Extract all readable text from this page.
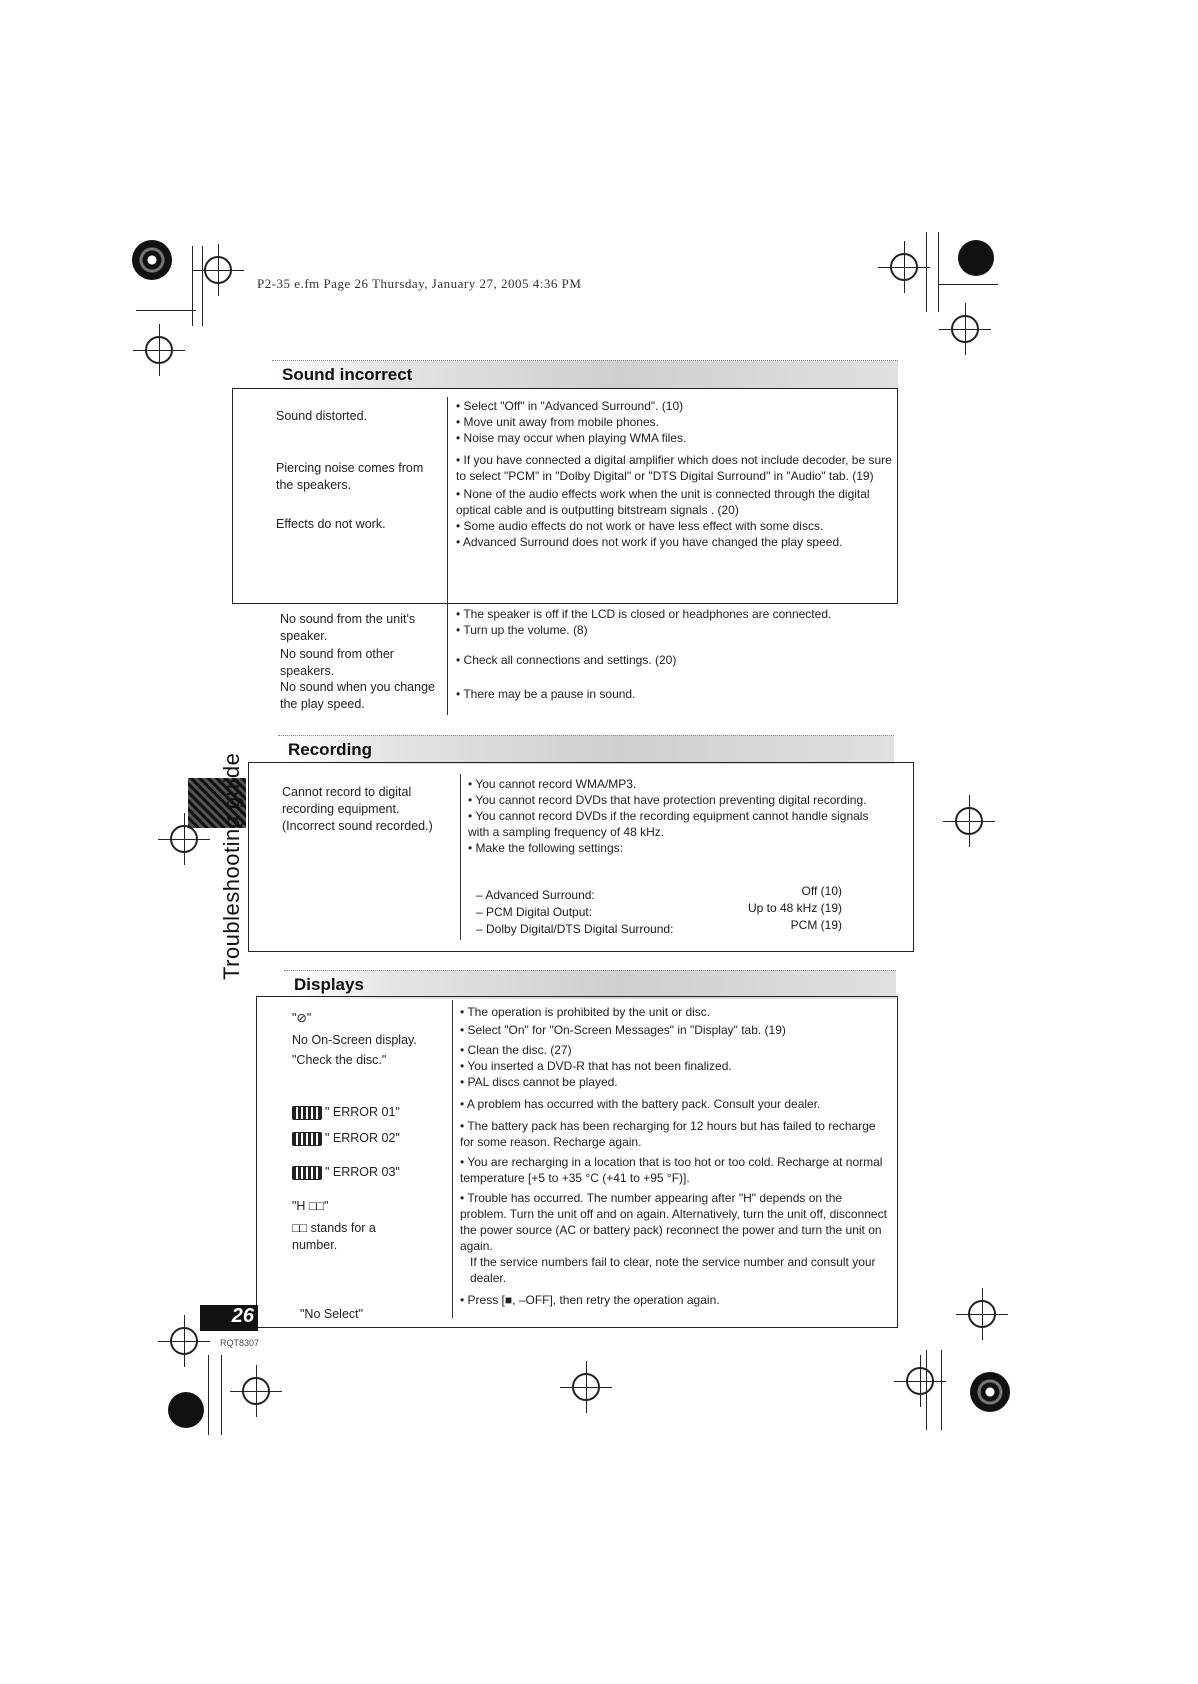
P2-35 e.fm Page 26 Thursday, January 27, 2005 4:36 PM
Troubleshooting guide
Sound incorrect
Sound distorted.
Piercing noise comes from the speakers.
Effects do not work.
No sound from the unit's speaker.
No sound from other speakers.
No sound when you change the play speed.
• Select "Off" in "Advanced Surround". (10)
• Move unit away from mobile phones.
• Noise may occur when playing WMA files.
• If you have connected a digital amplifier which does not include decoder, be sure to select "PCM" in "Dolby Digital" or "DTS Digital Surround" in "Audio" tab. (19)
• None of the audio effects work when the unit is connected through the digital optical cable and is outputting bitstream signals . (20)
• Some audio effects do not work or have less effect with some discs.
• Advanced Surround does not work if you have changed the play speed.
• The speaker is off if the LCD is closed or headphones are connected.
• Turn up the volume. (8)
• Check all connections and settings. (20)
• There may be a pause in sound.
Recording
Cannot record to digital recording equipment. (Incorrect sound recorded.)
• You cannot record WMA/MP3.
• You cannot record DVDs that have protection preventing digital recording.
• You cannot record DVDs if the recording equipment cannot handle signals with a sampling frequency of 48 kHz.
• Make the following settings:
– Advanced Surround:
– PCM Digital Output:
– Dolby Digital/DTS Digital Surround:
Off (10)
Up to 48 kHz (19)
PCM (19)
Displays
"⊘"
No On-Screen display.
"Check the disc."
" ERROR 01"
" ERROR 02"
" ERROR 03"
"H □□"
□□ stands for a number.
"No Select"
• The operation is prohibited by the unit or disc.
• Select "On" for "On-Screen Messages" in "Display" tab. (19)
• Clean the disc. (27)
• You inserted a DVD-R that has not been finalized.
• PAL discs cannot be played.
• A problem has occurred with the battery pack. Consult your dealer.
• The battery pack has been recharging for 12 hours but has failed to recharge for some reason. Recharge again.
• You are recharging in a location that is too hot or too cold. Recharge at normal temperature [+5 to +35 °C (+41 to +95 °F)].
• Trouble has occurred. The number appearing after "H" depends on the problem. Turn the unit off and on again. Alternatively, turn the unit off, disconnect the power source (AC or battery pack) reconnect the power and turn the unit on again.
If the service numbers fail to clear, note the service number and consult your dealer.
• Press [■, –OFF], then retry the operation again.
26
RQT8307
